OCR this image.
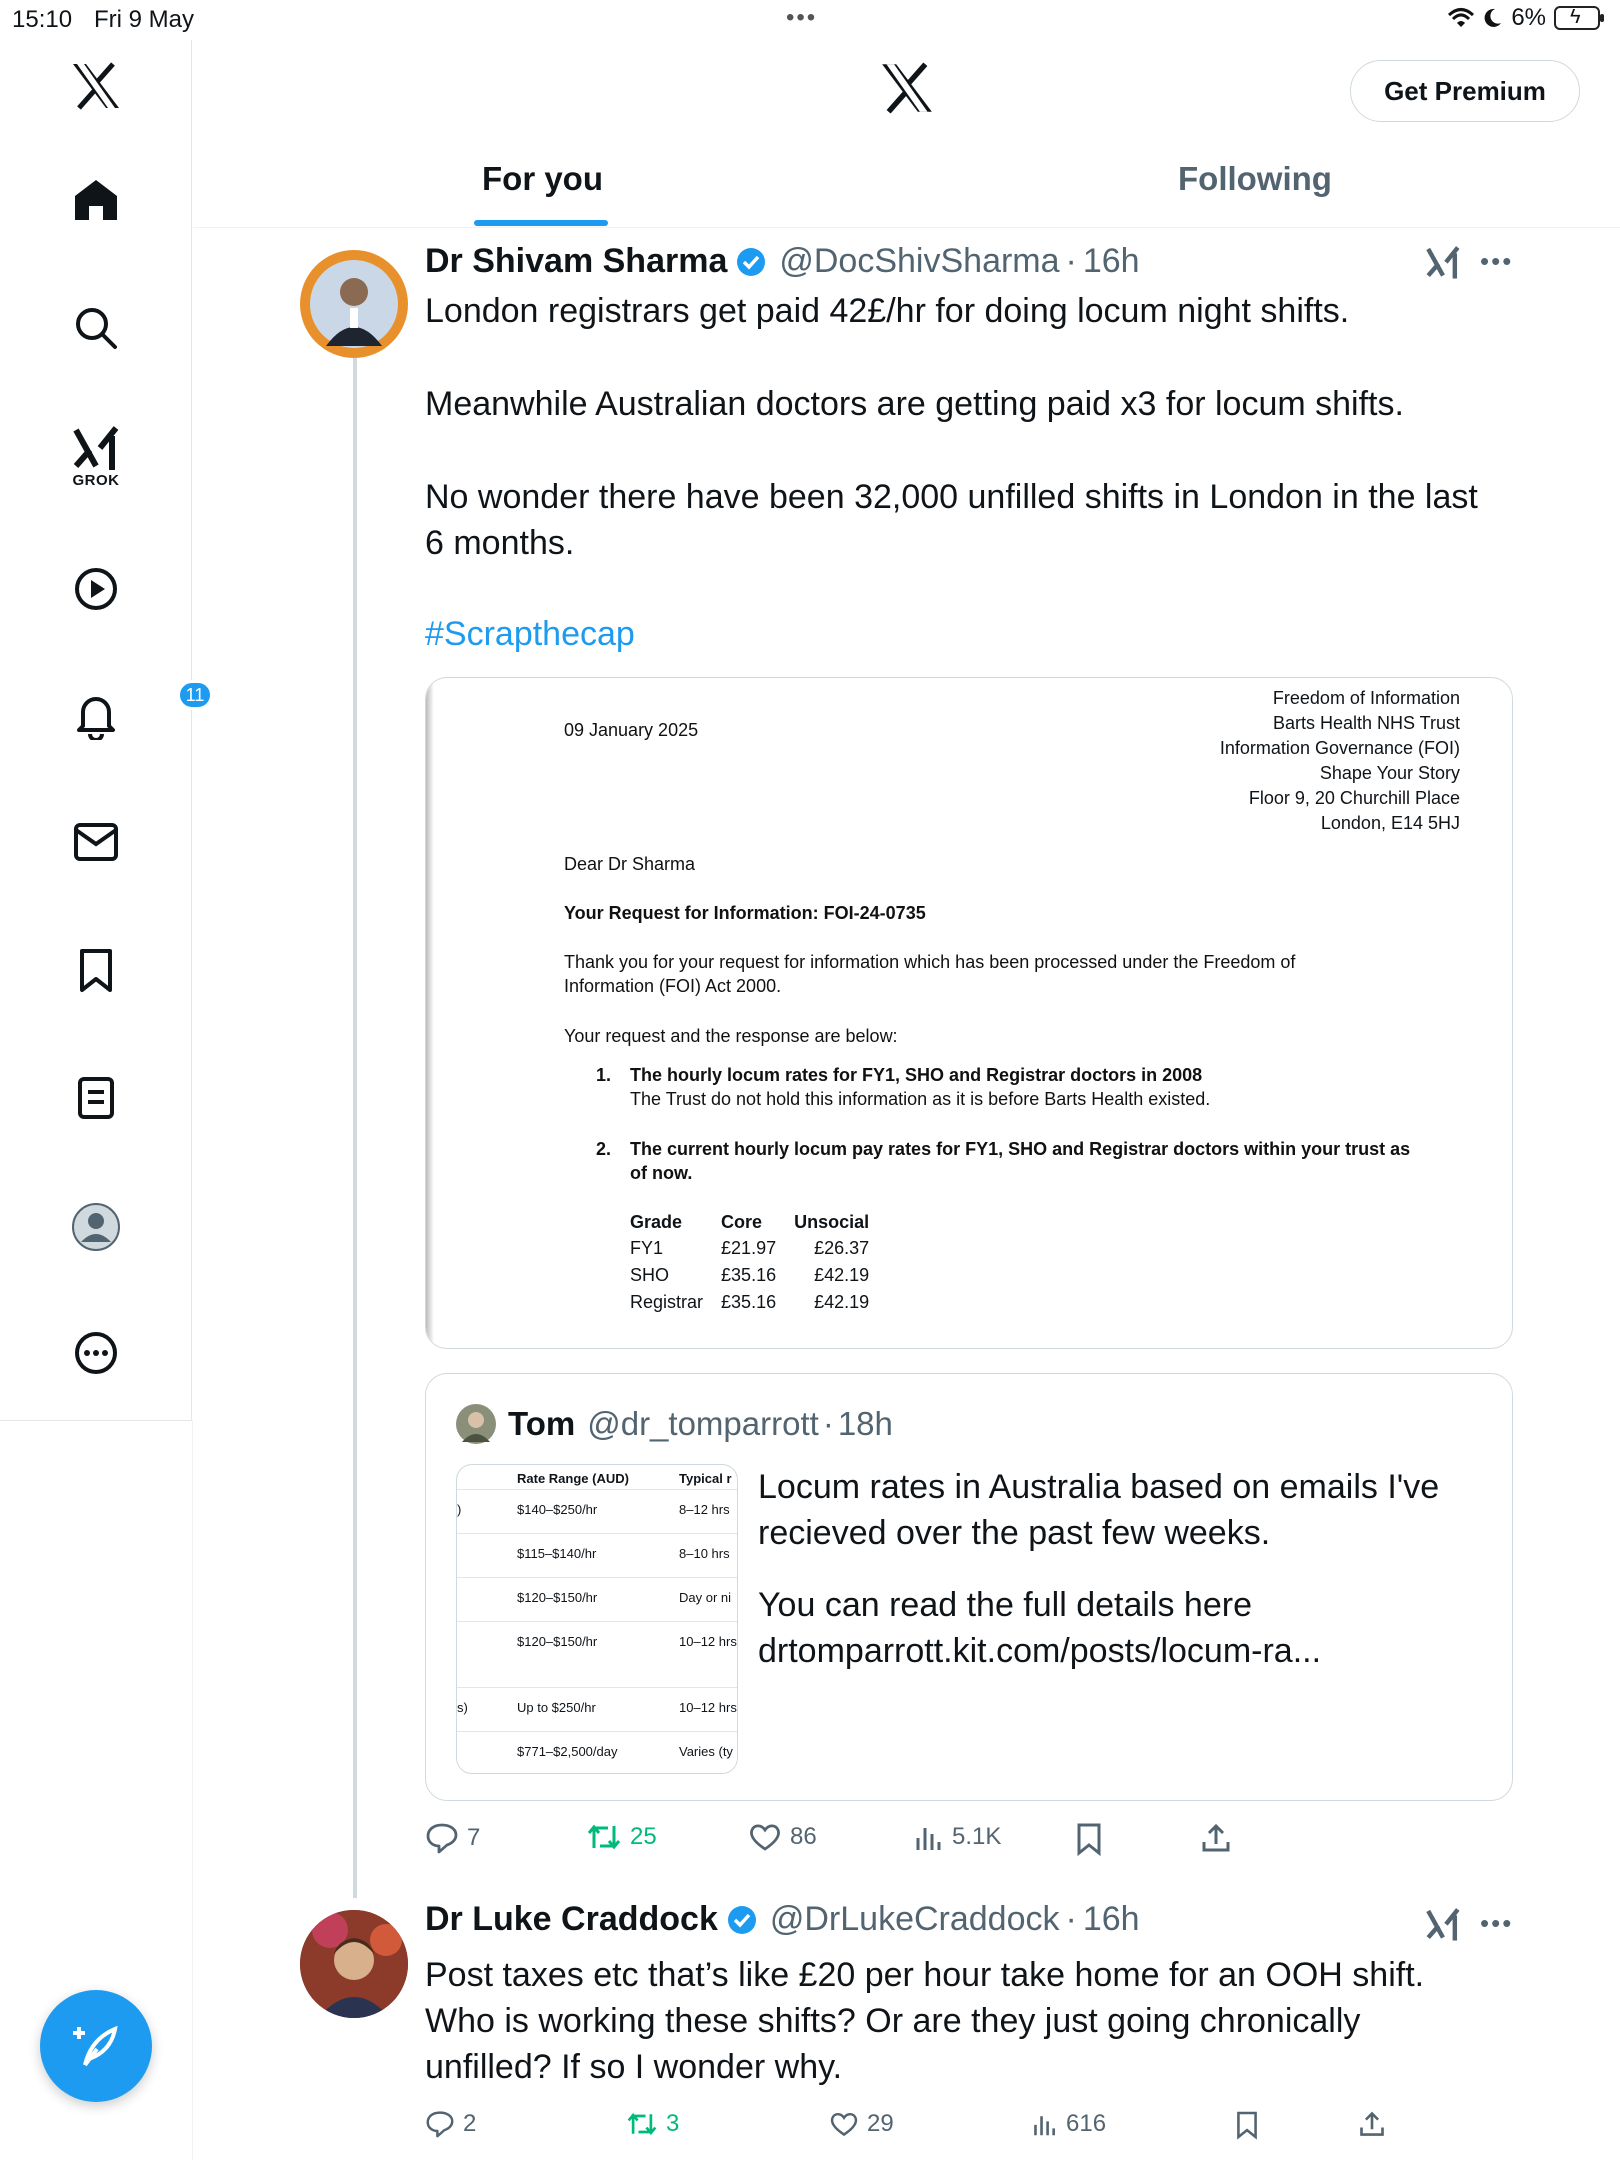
15:10 Fri 9 May	•••	6% ϟ
GROK
11
Get Premium
For you	Following
Dr Shivam Sharma @DocShivSharma · 16h	•••
London registrars get paid 42£/hr for doing locum night shifts.
Meanwhile Australian doctors are getting paid x3 for locum shifts.
No wonder there have been 32,000 unfilled shifts in London in the last
6 months.
#Scrapthecap
09 January 2025
Freedom of Information
Barts Health NHS Trust
Information Governance (FOI)
Shape Your Story
Floor 9, 20 Churchill Place
London, E14 5HJ
Dear Dr Sharma
Your Request for Information: FOI-24-0735
Thank you for your request for information which has been processed under the Freedom of
Information (FOI) Act 2000.
Your request and the response are below:
1. The hourly locum rates for FY1, SHO and Registrar doctors in 2008
The Trust do not hold this information as it is before Barts Health existed.
2. The current hourly locum pay rates for FY1, SHO and Registrar doctors within your trust as
of now.
Grade	Core	Unsocial
FY1	£21.97	£26.37
SHO	£35.16	£42.19
Registrar	£35.16	£42.19
Tom @dr_tomparrott · 18h
Rate Range (AUD)	Typical r
)	$140–$250/hr	8–12 hrs
$115–$140/hr	8–10 hrs
$120–$150/hr	Day or ni
$120–$150/hr	10–12 hrs
s)	Up to $250/hr	10–12 hrs
$771–$2,500/day	Varies (ty
Locum rates in Australia based on emails I've
recieved over the past few weeks.
You can read the full details here
drtomparrott.kit.com/posts/locum-ra...
7	25	86	5.1K
Dr Luke Craddock @DrLukeCraddock · 16h	•••
Post taxes etc that’s like £20 per hour take home for an OOH shift.
Who is working these shifts? Or are they just going chronically
unfilled? If so I wonder why.
2	3	29	616
